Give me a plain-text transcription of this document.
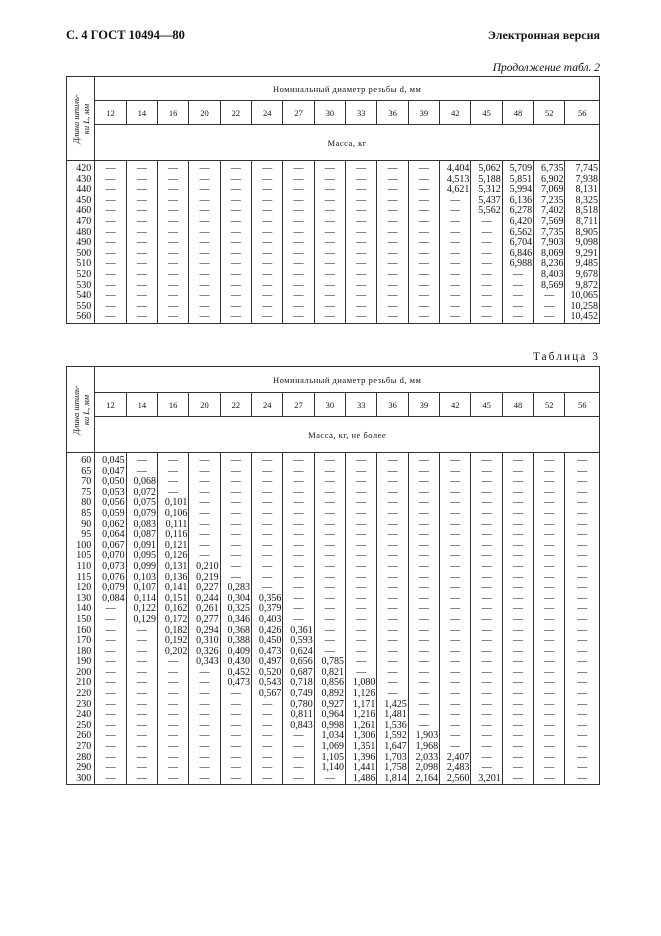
С. 4 ГОСТ 10494—80	Электронная версия
Продолжение табл. 2
Длина шпиль-
ки L, мм	Номинальный диаметр резьбы d, мм															
	12	14	16	20	22	24	27	30	33	36	39	42	45	48	52	56
	Масса, кг															
420	—	—	—	—	—	—	—	—	—	—	—	4,404	5,062	5,709	6,735	7,745
430	—	—	—	—	—	—	—	—	—	—	—	4,513	5,188	5,851	6,902	7,938
440	—	—	—	—	—	—	—	—	—	—	—	4,621	5,312	5,994	7,069	8,131
450	—	—	—	—	—	—	—	—	—	—	—	—	5,437	6,136	7,235	8,325
460	—	—	—	—	—	—	—	—	—	—	—	—	5,562	6,278	7,402	8,518
470	—	—	—	—	—	—	—	—	—	—	—	—	—	6,420	7,569	8,711
480	—	—	—	—	—	—	—	—	—	—	—	—	—	6,562	7,735	8,905
490	—	—	—	—	—	—	—	—	—	—	—	—	—	6,704	7,903	9,098
500	—	—	—	—	—	—	—	—	—	—	—	—	—	6,846	8,069	9,291
510	—	—	—	—	—	—	—	—	—	—	—	—	—	6,988	8,236	9,485
520	—	—	—	—	—	—	—	—	—	—	—	—	—	—	8,403	9,678
530	—	—	—	—	—	—	—	—	—	—	—	—	—	—	8,569	9,872
540	—	—	—	—	—	—	—	—	—	—	—	—	—	—	—	10,065
550	—	—	—	—	—	—	—	—	—	—	—	—	—	—	—	10,258
560	—	—	—	—	—	—	—	—	—	—	—	—	—	—	—	10,452
Таблица 3
Длина шпиль-
ки L, мм	Номинальный диаметр резьбы d, мм															
	12	14	16	20	22	24	27	30	33	36	39	42	45	48	52	56
	Масса, кг, не более															
60	0,045	—	—	—	—	—	—	—	—	—	—	—	—	—	—	—
65	0,047	—	—	—	—	—	—	—	—	—	—	—	—	—	—	—
70	0,050	0,068	—	—	—	—	—	—	—	—	—	—	—	—	—	—
75	0,053	0,072	—	—	—	—	—	—	—	—	—	—	—	—	—	—
80	0,056	0,075	0,101	—	—	—	—	—	—	—	—	—	—	—	—	—
85	0,059	0,079	0,106	—	—	—	—	—	—	—	—	—	—	—	—	—
90	0,062	0,083	0,111	—	—	—	—	—	—	—	—	—	—	—	—	—
95	0,064	0,087	0,116	—	—	—	—	—	—	—	—	—	—	—	—	—
100	0,067	0,091	0,121	—	—	—	—	—	—	—	—	—	—	—	—	—
105	0,070	0,095	0,126	—	—	—	—	—	—	—	—	—	—	—	—	—
110	0,073	0,099	0,131	0,210	—	—	—	—	—	—	—	—	—	—	—	—
115	0,076	0,103	0,136	0,219	—	—	—	—	—	—	—	—	—	—	—	—
120	0,079	0,107	0,141	0,227	0,283	—	—	—	—	—	—	—	—	—	—	—
130	0,084	0,114	0,151	0,244	0,304	0,356	—	—	—	—	—	—	—	—	—	—
140	—	0,122	0,162	0,261	0,325	0,379	—	—	—	—	—	—	—	—	—	—
150	—	0,129	0,172	0,277	0,346	0,403	—	—	—	—	—	—	—	—	—	—
160	—	—	0,182	0,294	0,368	0,426	0,361	—	—	—	—	—	—	—	—	—
170	—	—	0,192	0,310	0,388	0,450	0,593	—	—	—	—	—	—	—	—	—
180	—	—	0,202	0,326	0,409	0,473	0,624	—	—	—	—	—	—	—	—	—
190	—	—	—	0,343	0,430	0,497	0,656	0,785	—	—	—	—	—	—	—	—
200	—	—	—	—	0,452	0,520	0,687	0,821	—	—	—	—	—	—	—	—
210	—	—	—	—	0,473	0,543	0,718	0,856	1,080	—	—	—	—	—	—	—
220	—	—	—	—	—	0,567	0,749	0,892	1,126	—	—	—	—	—	—	—
230	—	—	—	—	—	—	0,780	0,927	1,171	1,425	—	—	—	—	—	—
240	—	—	—	—	—	—	0,811	0,964	1,216	1,481	—	—	—	—	—	—
250	—	—	—	—	—	—	0,843	0,998	1,261	1,536	—	—	—	—	—	—
260	—	—	—	—	—	—	—	1,034	1,306	1,592	1,903	—	—	—	—	—
270	—	—	—	—	—	—	—	1,069	1,351	1,647	1,968	—	—	—	—	—
280	—	—	—	—	—	—	—	1,105	1,396	1,703	2,033	2,407	—	—	—	—
290	—	—	—	—	—	—	—	1,140	1,441	1,758	2,098	2,483	—	—	—	—
300	—	—	—	—	—	—	—	—	1,486	1,814	2,164	2,560	3,201	—	—	—
